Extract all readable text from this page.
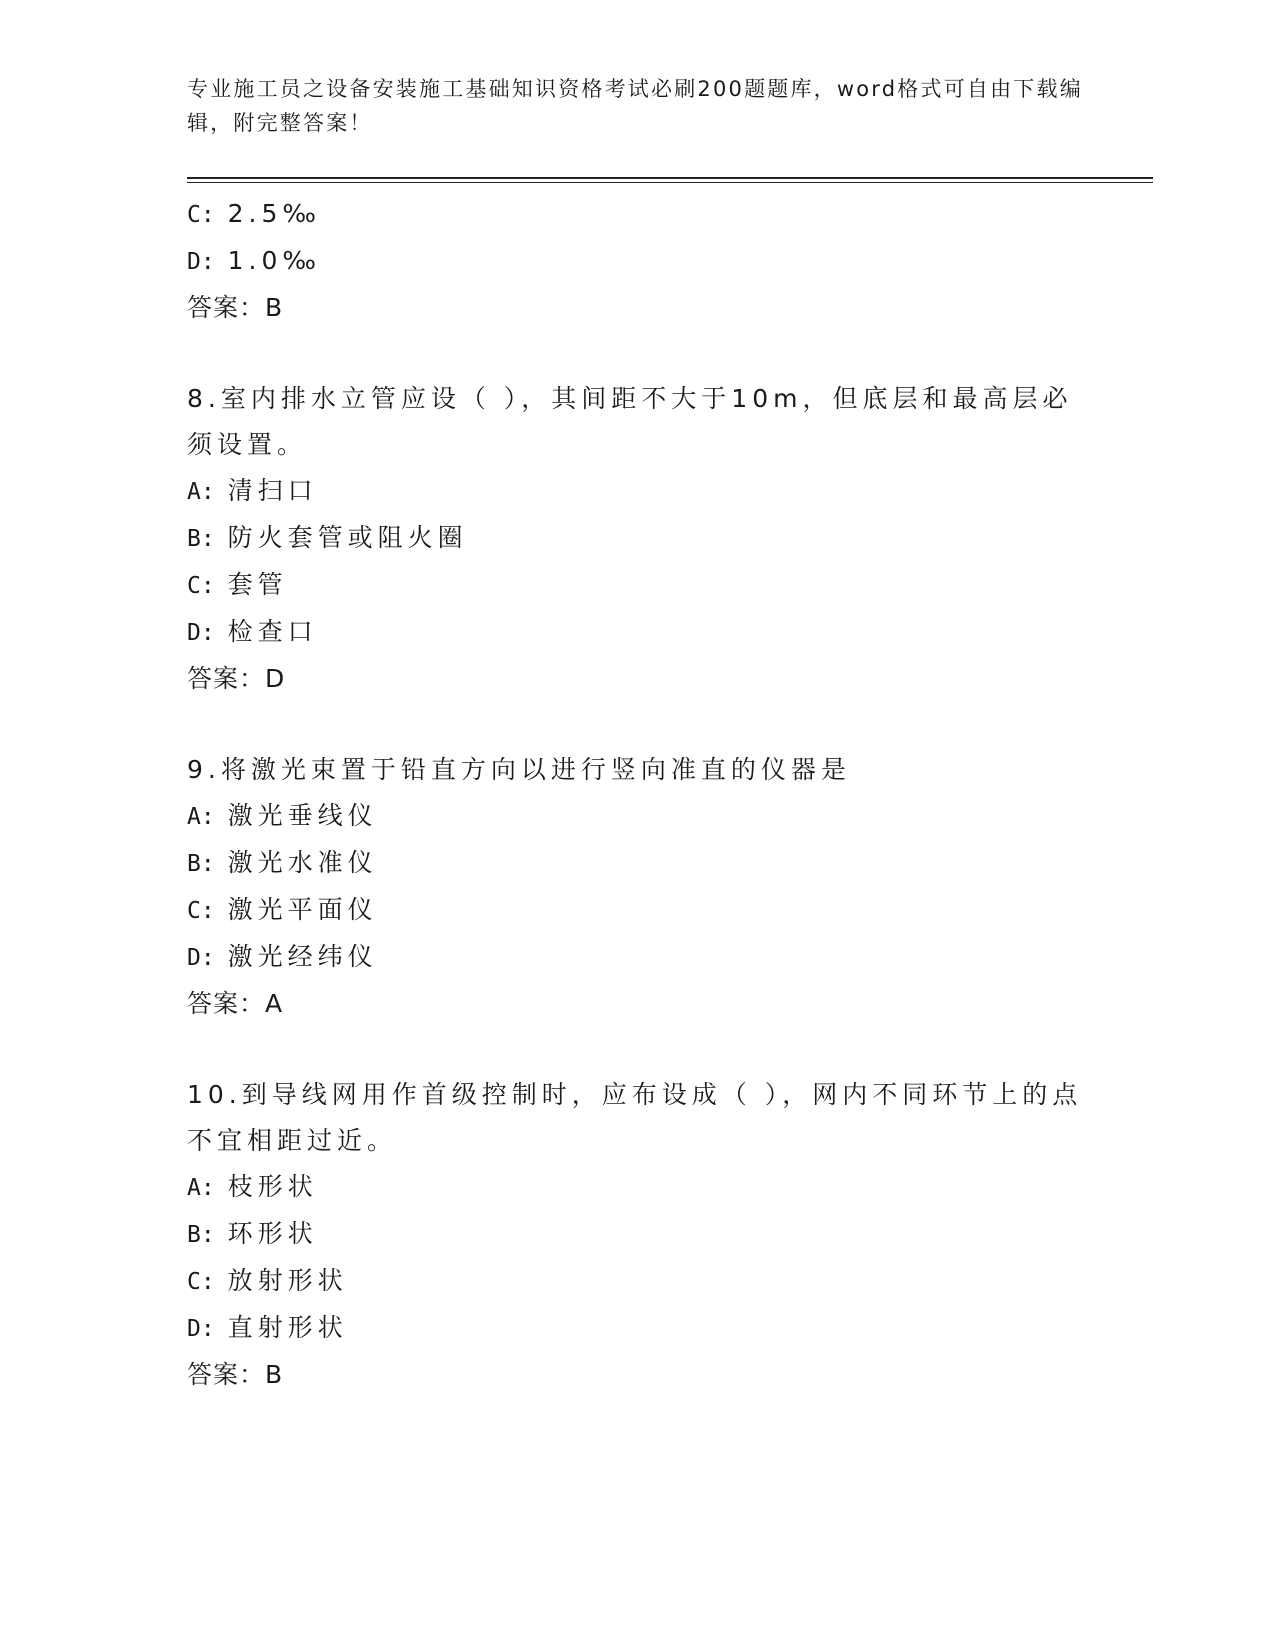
专业施工员之设备安装施工基础知识资格考试必刷200题题库，word格式可自由下载编辑，附完整答案！
C: 2.5‰
D: 1.0‰
答案：B
8.室内排水立管应设（ ），其间距不大于10m，但底层和最高层必须设置。
A: 清扫口
B: 防火套管或阻火圈
C: 套管
D: 检查口
答案：D
9.将激光束置于铅直方向以进行竖向准直的仪器是
A: 激光垂线仪
B: 激光水准仪
C: 激光平面仪
D: 激光经纬仪
答案：A
10.到导线网用作首级控制时，应布设成（ ），网内不同环节上的点不宜相距过近。
A: 枝形状
B: 环形状
C: 放射形状
D: 直射形状
答案：B
